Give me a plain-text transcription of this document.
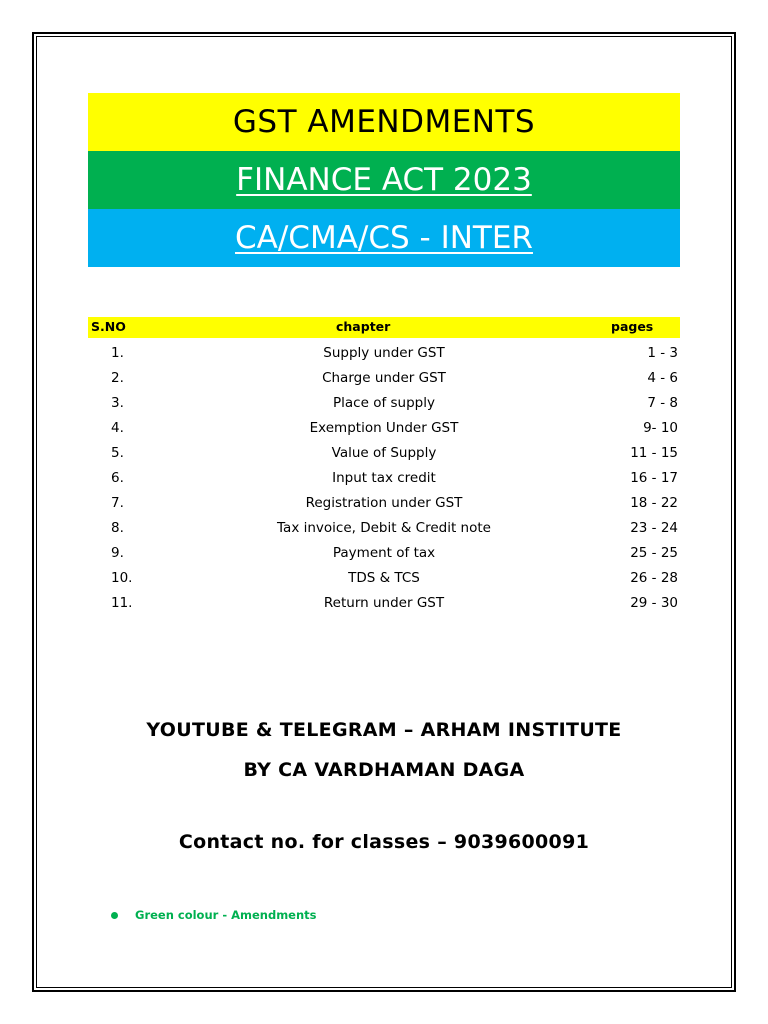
GST AMENDMENTS
FINANCE ACT 2023
CA/CMA/CS - INTER
S.NO	chapter	pages
1.	Supply under GST	1 - 3
2.	Charge under GST	4 - 6
3.	Place of supply	7 - 8
4.	Exemption Under GST	9- 10
5.	Value of Supply	11 - 15
6.	Input tax credit	16 - 17
7.	Registration under GST	18 - 22
8.	Tax invoice, Debit & Credit note	23 - 24
9.	Payment of tax	25 - 25
10.	TDS & TCS	26 - 28
11.	Return under GST	29 - 30
YOUTUBE & TELEGRAM – ARHAM INSTITUTE
BY CA VARDHAMAN DAGA
Contact no. for classes – 9039600091
Green colour - Amendments
